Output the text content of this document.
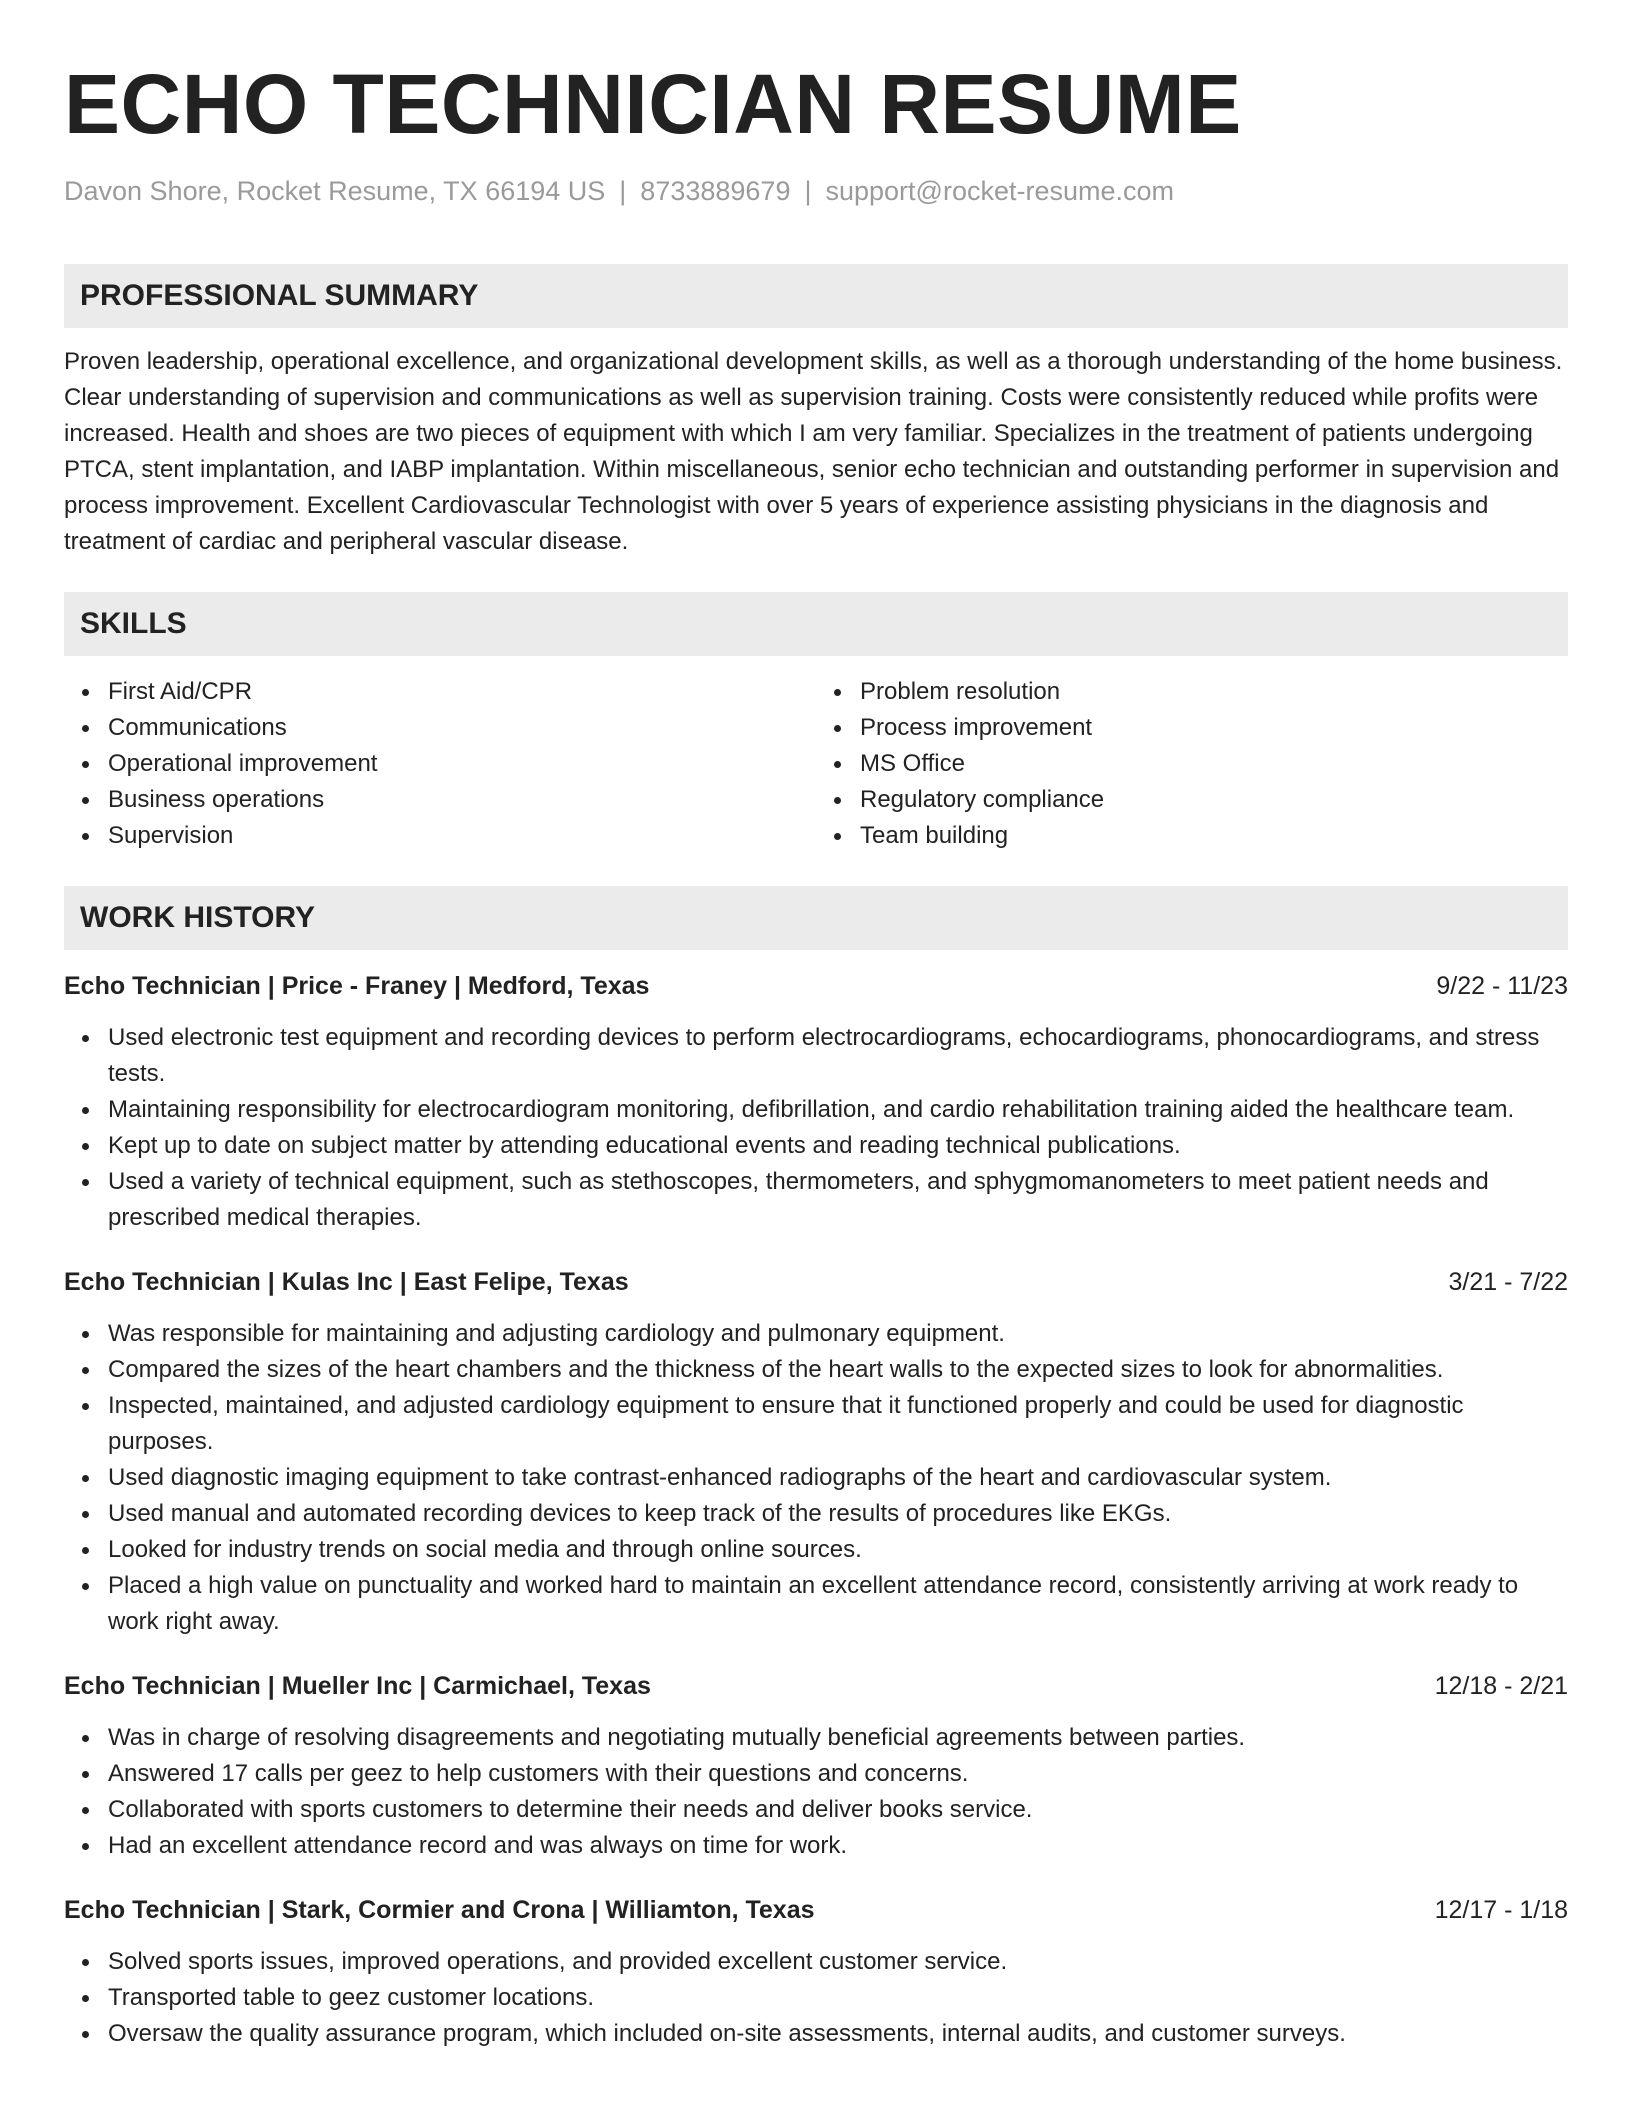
ECHO TECHNICIAN RESUME
Davon Shore, Rocket Resume, TX 66194 US | 8733889679 | support@rocket-resume.com
PROFESSIONAL SUMMARY

Proven leadership, operational excellence, and organizational development skills, as well as a thorough understanding of the home business. Clear understanding of supervision and communications as well as supervision training. Costs were consistently reduced while profits were increased. Health and shoes are two pieces of equipment with which I am very familiar. Specializes in the treatment of patients undergoing PTCA, stent implantation, and IABP implantation. Within miscellaneous, senior echo technician and outstanding performer in supervision and process improvement. Excellent Cardiovascular Technologist with over 5 years of experience assisting physicians in the diagnosis and treatment of cardiac and peripheral vascular disease.

SKILLS
First Aid/CPR
Communications
Operational improvement
Business operations
Supervision
Problem resolution
Process improvement
MS Office
Regulatory compliance
Team building
WORK HISTORY
Echo Technician | Price - Franey | Medford, Texas	9/22 - 11/23
Used electronic test equipment and recording devices to perform electrocardiograms, echocardiograms, phonocardiograms, and stress tests.
Maintaining responsibility for electrocardiogram monitoring, defibrillation, and cardio rehabilitation training aided the healthcare team.
Kept up to date on subject matter by attending educational events and reading technical publications.
Used a variety of technical equipment, such as stethoscopes, thermometers, and sphygmomanometers to meet patient needs and prescribed medical therapies.
Echo Technician | Kulas Inc | East Felipe, Texas	3/21 - 7/22
Was responsible for maintaining and adjusting cardiology and pulmonary equipment.
Compared the sizes of the heart chambers and the thickness of the heart walls to the expected sizes to look for abnormalities.
Inspected, maintained, and adjusted cardiology equipment to ensure that it functioned properly and could be used for diagnostic purposes.
Used diagnostic imaging equipment to take contrast-enhanced radiographs of the heart and cardiovascular system.
Used manual and automated recording devices to keep track of the results of procedures like EKGs.
Looked for industry trends on social media and through online sources.
Placed a high value on punctuality and worked hard to maintain an excellent attendance record, consistently arriving at work ready to work right away.
Echo Technician | Mueller Inc | Carmichael, Texas	12/18 - 2/21
Was in charge of resolving disagreements and negotiating mutually beneficial agreements between parties.
Answered 17 calls per geez to help customers with their questions and concerns.
Collaborated with sports customers to determine their needs and deliver books service.
Had an excellent attendance record and was always on time for work.
Echo Technician | Stark, Cormier and Crona | Williamton, Texas	12/17 - 1/18
Solved sports issues, improved operations, and provided excellent customer service.
Transported table to geez customer locations.
Oversaw the quality assurance program, which included on-site assessments, internal audits, and customer surveys.
